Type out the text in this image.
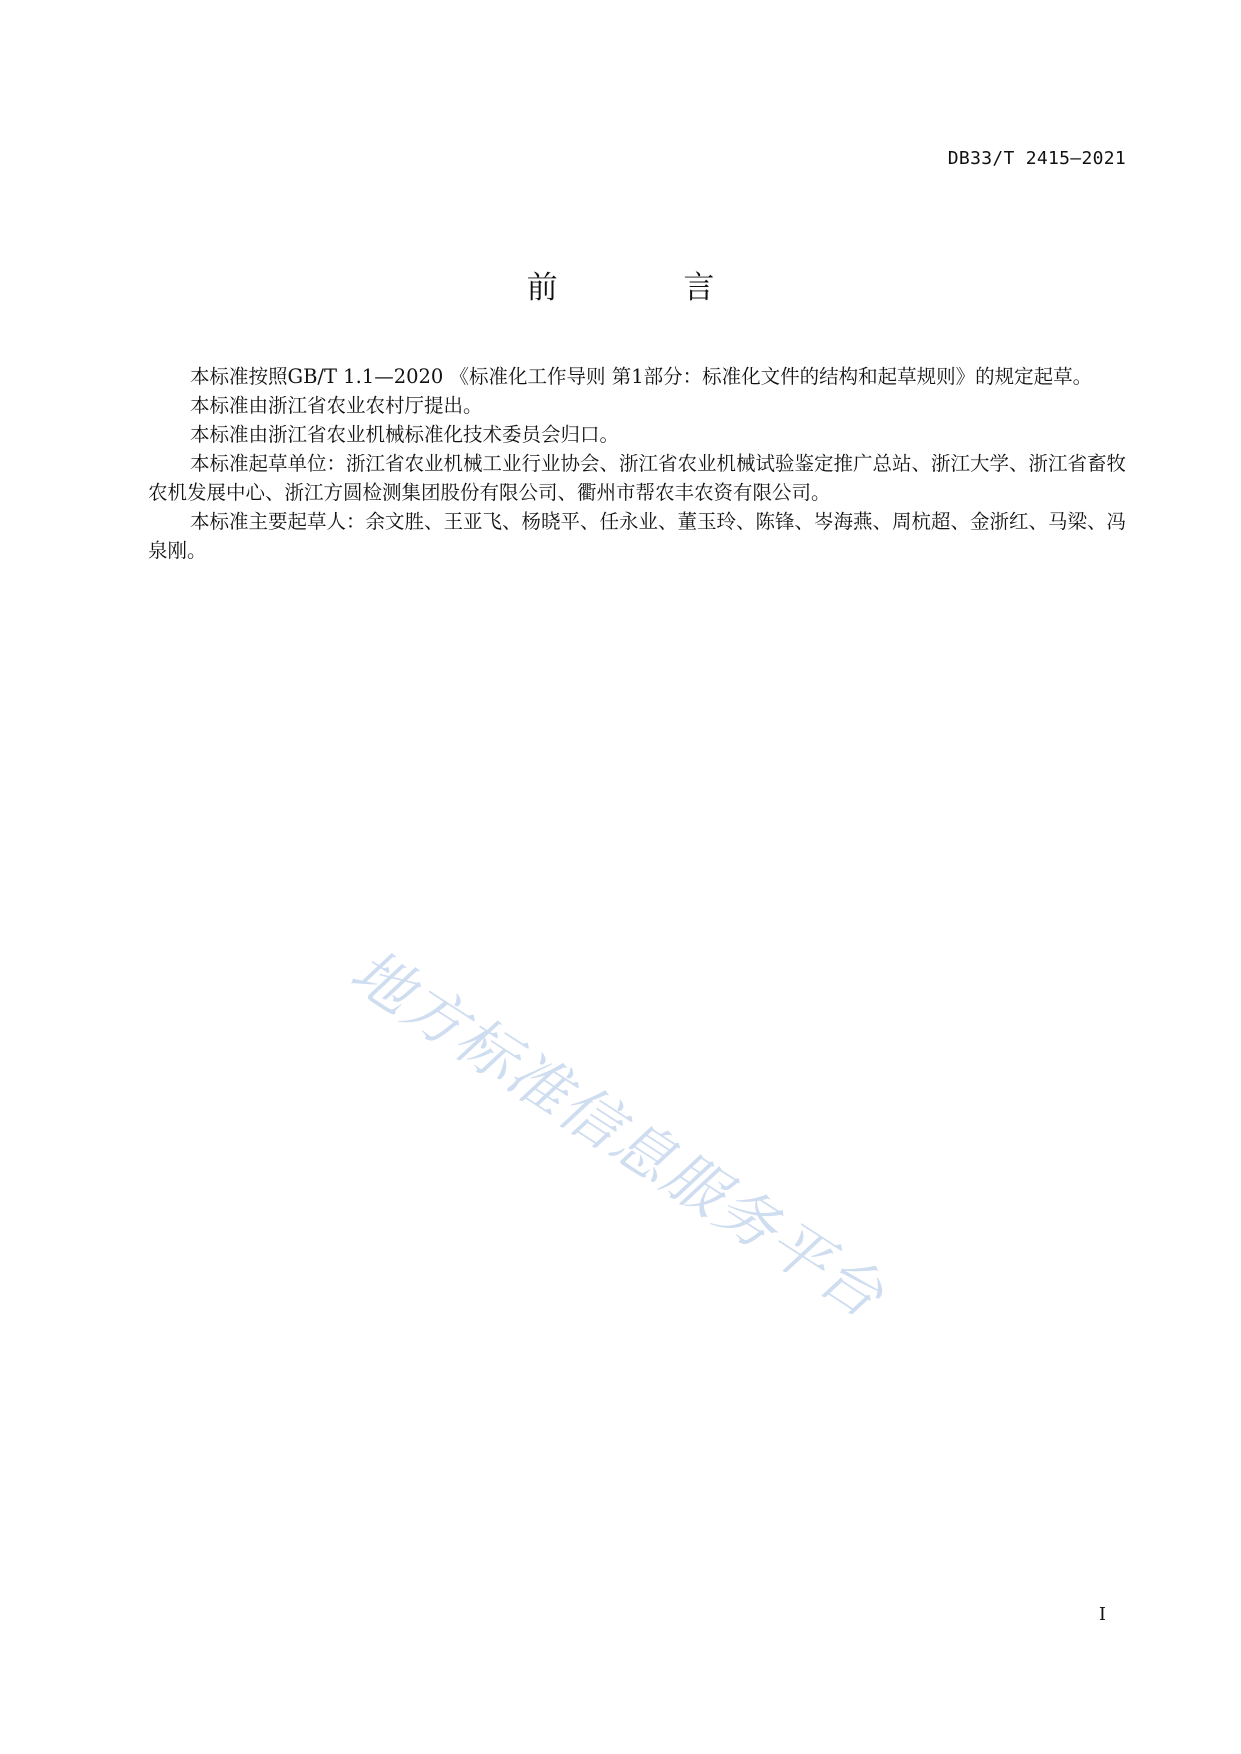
DB33/T 2415—2021
前 言

本标准按照GB/T 1.1—2020 《标准化工作导则 第1部分：标准化文件的结构和起草规则》的规定起草。

本标准由浙江省农业农村厅提出。

本标准由浙江省农业机械标准化技术委员会归口。

本标准起草单位：浙江省农业机械工业行业协会、浙江省农业机械试验鉴定推广总站、浙江大学、浙江省畜牧农机发展中心、浙江方圆检测集团股份有限公司、衢州市帮农丰农资有限公司。

本标准主要起草人：余文胜、王亚飞、杨晓平、任永业、董玉玲、陈锋、岑海燕、周杭超、金浙红、马梁、冯泉刚。

地方标准信息服务平台
I
